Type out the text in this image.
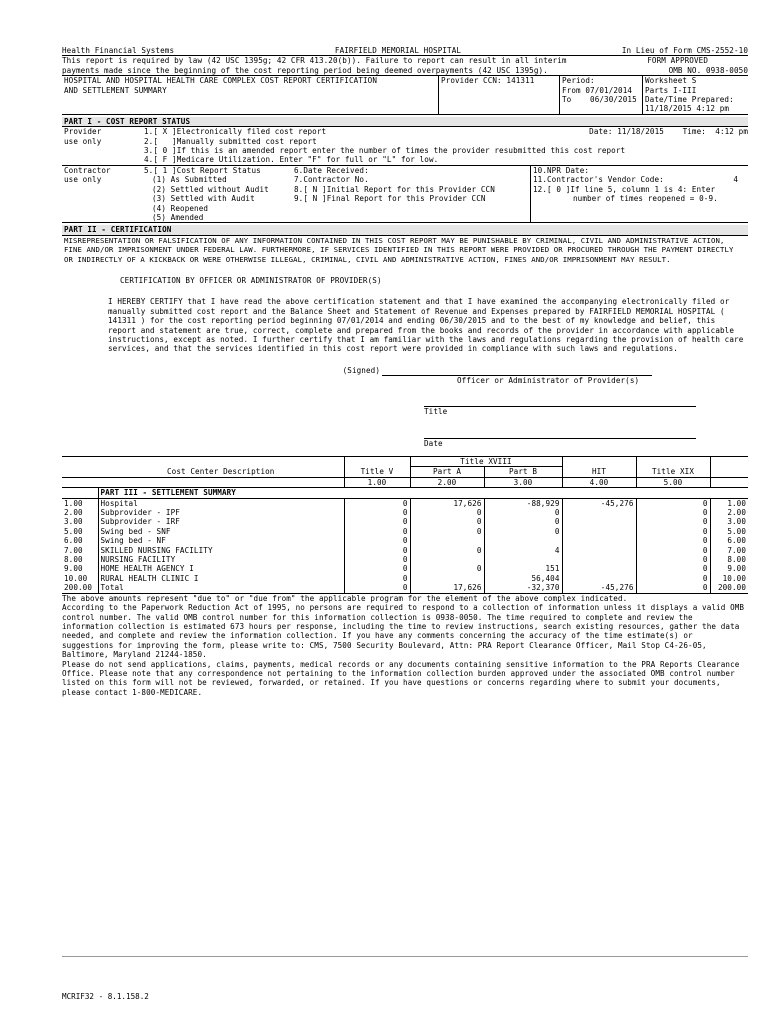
Health Financial Systems	FAIRFIELD MEMORIAL HOSPITAL	In Lieu of Form CMS-2552-10
This report is required by law (42 USC 1395g; 42 CFR 413.20(b)). Failure to report can result in all interim	FORM APPROVED
payments made since the beginning of the cost reporting period being deemed overpayments (42 USC 1395g).	OMB NO. 0938-0050
HOSPITAL AND HOSPITAL HEALTH CARE COMPLEX COST REPORT CERTIFICATION
AND SETTLEMENT SUMMARY
Provider CCN: 141311	Period:
From 07/01/2014
To    06/30/2015
Worksheet S
Parts I-III
Date/Time Prepared:
11/18/2015 4:12 pm
PART I - COST REPORT STATUS
Provider
use only
1.[ X ]Electronically filed cost report	Date: 11/18/2015 Time:  4:12 pm
2.[   ]Manually submitted cost report
3.[ 0 ]If this is an amended report enter the number of times the provider resubmitted this cost report
4.[ F ]Medicare Utilization. Enter "F" for full or "L" for low.
Contractor
use only
5.[ 1 ]Cost Report Status
(1) As Submitted
(2) Settled without Audit
(3) Settled with Audit
(4) Reopened
(5) Amended
6.Date Received:
7.Contractor No.
8.[ N ]Initial Report for this Provider CCN
9.[ N ]Final Report for this Provider CCN
10.NPR Date:
11.Contractor's Vendor Code:	4
12.[ 0 ]If line 5, column 1 is 4: Enter
number of times reopened = 0-9.
PART II - CERTIFICATION
MISREPRESENTATION OR FALSIFICATION OF ANY INFORMATION CONTAINED IN THIS COST REPORT MAY BE PUNISHABLE BY CRIMINAL, CIVIL AND ADMINISTRATIVE ACTION, FINE AND/OR IMPRISONMENT UNDER FEDERAL LAW. FURTHERMORE, IF SERVICES IDENTIFIED IN THIS REPORT WERE PROVIDED OR PROCURED THROUGH THE PAYMENT DIRECTLY OR INDIRECTLY OF A KICKBACK OR WERE OTHERWISE ILLEGAL, CRIMINAL, CIVIL AND ADMINISTRATIVE ACTION, FINES AND/OR IMPRISONMENT MAY RESULT.
CERTIFICATION BY OFFICER OR ADMINISTRATOR OF PROVIDER(S)
I HEREBY CERTIFY that I have read the above certification statement and that I have examined the accompanying electronically filed or manually submitted cost report and the Balance Sheet and Statement of Revenue and Expenses prepared by FAIRFIELD MEMORIAL HOSPITAL ( 141311 ) for the cost reporting period beginning 07/01/2014 and ending 06/30/2015 and to the best of my knowledge and belief, this report and statement are true, correct, complete and prepared from the books and records of the provider in accordance with applicable instructions, except as noted. I further certify that I am familiar with the laws and regulations regarding the provision of health care services, and that the services identified in this cost report were provided in compliance with such laws and regulations.
(Signed)
Officer or Administrator of Provider(s)
Title
Date
			Title XVIII				
	Cost Center Description	Title V	Part A	Part B	HIT	Title XIX	
		1.00	2.00	3.00	4.00	5.00	
	PART III - SETTLEMENT SUMMARY						
1.00	Hospital	0	17,626	-88,929	-45,276	0	1.00
2.00	Subprovider - IPF	0	0	0		0	2.00
3.00	Subprovider - IRF	0	0	0		0	3.00
5.00	Swing bed - SNF	0	0	0		0	5.00
6.00	Swing bed - NF	0				0	6.00
7.00	SKILLED NURSING FACILITY	0	0	4		0	7.00
8.00	NURSING FACILITY	0				0	8.00
9.00	HOME HEALTH AGENCY I	0	0	151		0	9.00
10.00	RURAL HEALTH CLINIC I	0		56,404		0	10.00
200.00	Total	0	17,626	-32,370	-45,276	0	200.00
The above amounts represent "due to" or "due from" the applicable program for the element of the above complex indicated.
According to the Paperwork Reduction Act of 1995, no persons are required to respond to a collection of information unless it displays a valid OMB control number. The valid OMB control number for this information collection is 0938-0050. The time required to complete and review the information collection is estimated 673 hours per response, including the time to review instructions, search existing resources, gather the data needed, and complete and review the information collection. If you have any comments concerning the accuracy of the time estimate(s) or suggestions for improving the form, please write to: CMS, 7500 Security Boulevard, Attn: PRA Report Clearance Officer, Mail Stop C4-26-05, Baltimore, Maryland 21244-1850.
Please do not send applications, claims, payments, medical records or any documents containing sensitive information to the PRA Reports Clearance Office. Please note that any correspondence not pertaining to the information collection burden approved under the associated OMB control number listed on this form will not be reviewed, forwarded, or retained. If you have questions or concerns regarding where to submit your documents, please contact 1-800-MEDICARE.
MCRIF32 - 8.1.158.2
